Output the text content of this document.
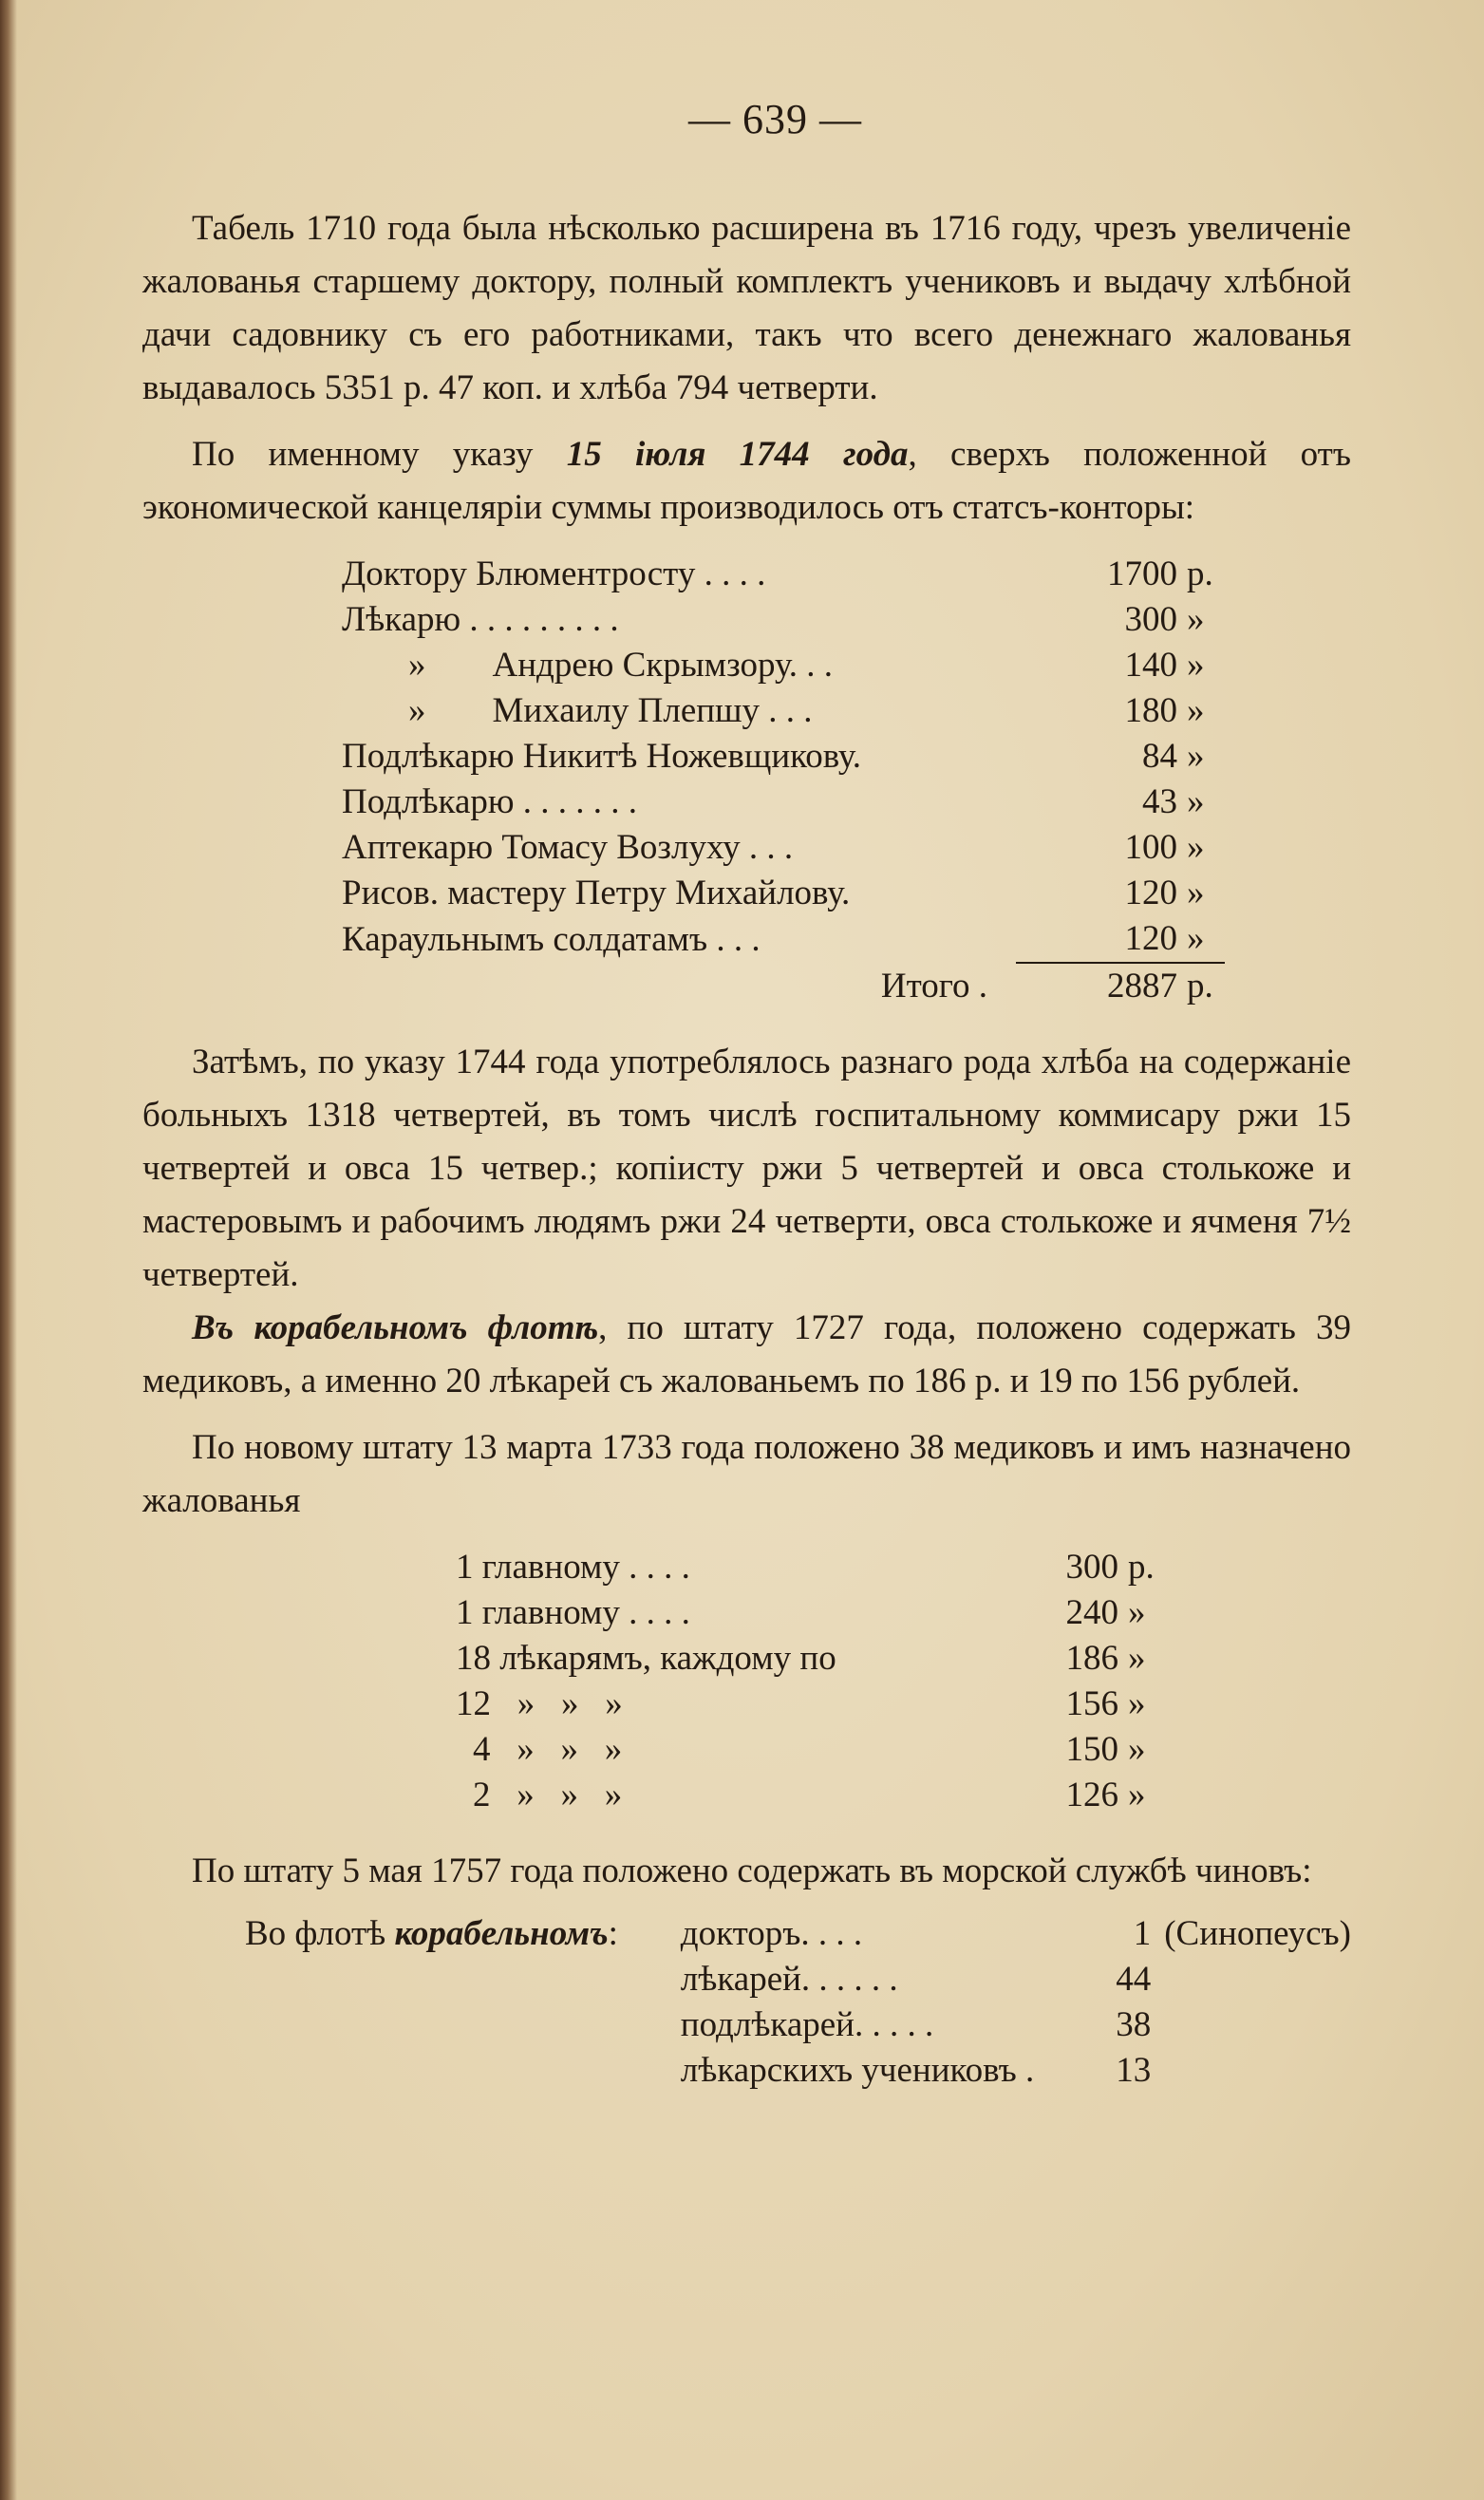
— 639 —

Табель 1710 года была нѣсколько расширена въ 1716 году, чрезъ увеличеніе жалованья старшему доктору, полный комплектъ учениковъ и выдачу хлѣбной дачи садовнику съ его работниками, такъ что всего денежнаго жалованья выдавалось 5351 р. 47 коп. и хлѣба 794 четверти.

По именному указу 15 іюля 1744 года, сверхъ положенной отъ экономической канцеляріи суммы производилось отъ статсъ-конторы:

Доктору Блюментросту . . . .	1700	р.
Лѣкарю . . . . . . . . .	300	»
» Андрею Скрымзору. . .	140	»
» Михаилу Плепшу . . .	180	»
Подлѣкарю Никитѣ Ножевщикову.	84	»
Подлѣкарю . . . . . . .	43	»
Аптекарю Томасу Возлуху . . .	100	»
Рисов. мастеру Петру Михайлову.	120	»
Караульнымъ солдатамъ . . .	120	»
Итого .	2887	р.

Затѣмъ, по указу 1744 года употреблялось разнаго рода хлѣба на содержаніе больныхъ 1318 четвертей, въ томъ числѣ госпитальному коммисару ржи 15 четвертей и овса 15 четвер.; копiисту ржи 5 четвертей и овса столькоже и мастеровымъ и рабочимъ людямъ ржи 24 четверти, овса столькоже и ячменя 7½ четвертей.

Въ корабельномъ флотѣ, по штату 1727 года, положено содержать 39 медиковъ, а именно 20 лѣкарей съ жалованьемъ по 186 р. и 19 по 156 рублей.

По новому штату 13 марта 1733 года положено 38 медиковъ и имъ назначено жалованья

1 главному . . . .	300	р.
1 главному . . . .	240	»
18 лѣкарямъ, каждому по	186	»
12   »   »   »	156	»
4   »   »   »	150	»
2   »   »   »	126	»

По штату 5 мая 1757 года положено содержать въ морской службѣ чиновъ:

Во флотѣ корабельномъ:	докторъ. . . .	1	(Синопеусъ)
	лѣкарей. . . . . .	44	
	подлѣкарей. . . . .	38	
	лѣкарскихъ учениковъ .	13	
